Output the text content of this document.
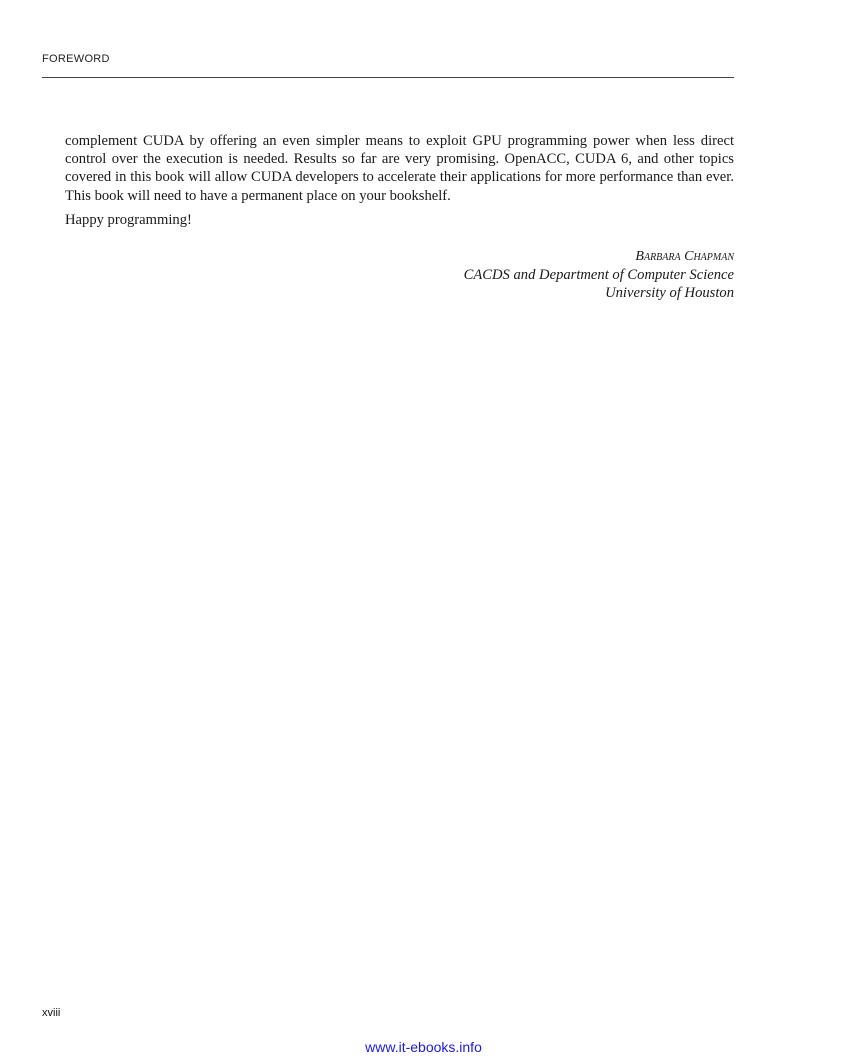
FOREWORD

complement CUDA by offering an even simpler means to exploit GPU programming power when less direct control over the execution is needed. Results so far are very promising. OpenACC, CUDA 6, and other topics covered in this book will allow CUDA developers to accelerate their applications for more performance than ever. This book will need to have a permanent place on your bookshelf.

Happy programming!

Barbara Chapman
CACDS and Department of Computer Science
University of Houston
xviii
www.it-ebooks.info
